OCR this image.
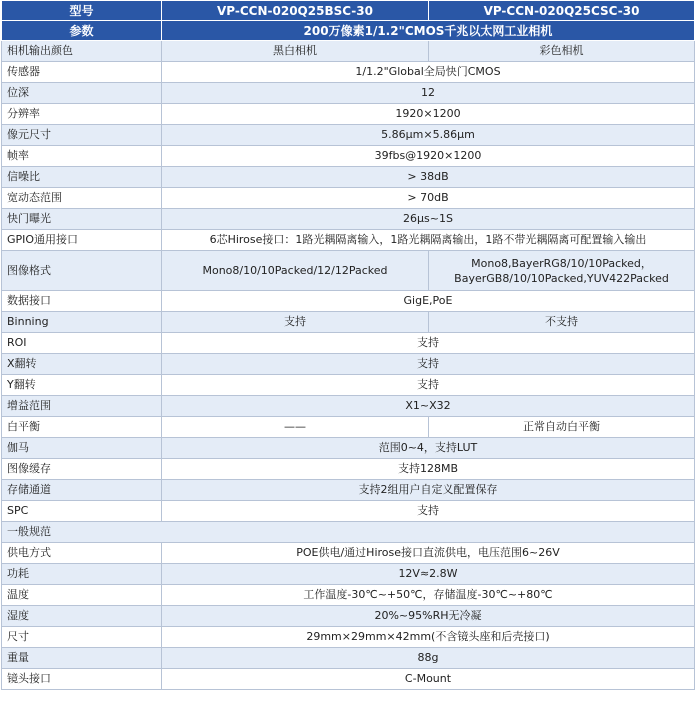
型号	VP-CCN-020Q25BSC-30	VP-CCN-020Q25CSC-30
参数	200万像素1/1.2"CMOS千兆以太网工业相机	
相机输出颜色	黑白相机	彩色相机
传感器	1/1.2"Global全局快门CMOS	
位深	12	
分辨率	1920×1200	
像元尺寸	5.86μm×5.86μm	
帧率	39fbs@1920×1200	
信噪比	> 38dB	
宽动态范围	> 70dB	
快门曝光	26μs~1S	
GPIO通用接口	6芯Hirose接口：1路光耦隔离输入，1路光耦隔离输出，1路不带光耦隔离可配置输入输出	
图像格式	Mono8/10/10Packed/12/12Packed	Mono8,BayerRG8/10/10Packed，
BayerGB8/10/10Packed,YUV422Packed

数据接口	GigE,PoE	
Binning	支持	不支持
ROI	支持	
X翻转	支持	
Y翻转	支持	
增益范围	X1~X32	
白平衡	——	正常自动白平衡
伽马	范围0~4，支持LUT	
图像缓存	支持128MB	
存储通道	支持2组用户自定义配置保存	
SPC	支持	
一般规范		
供电方式	POE供电/通过Hirose接口直流供电，电压范围6~26V	
功耗	12V≈2.8W	
温度	工作温度-30℃~+50℃，存储温度-30℃~+80℃	
湿度	20%~95%RH无冷凝	
尺寸	29mm×29mm×42mm(不含镜头座和后壳接口)	
重量	88g	
镜头接口	C-Mount	
